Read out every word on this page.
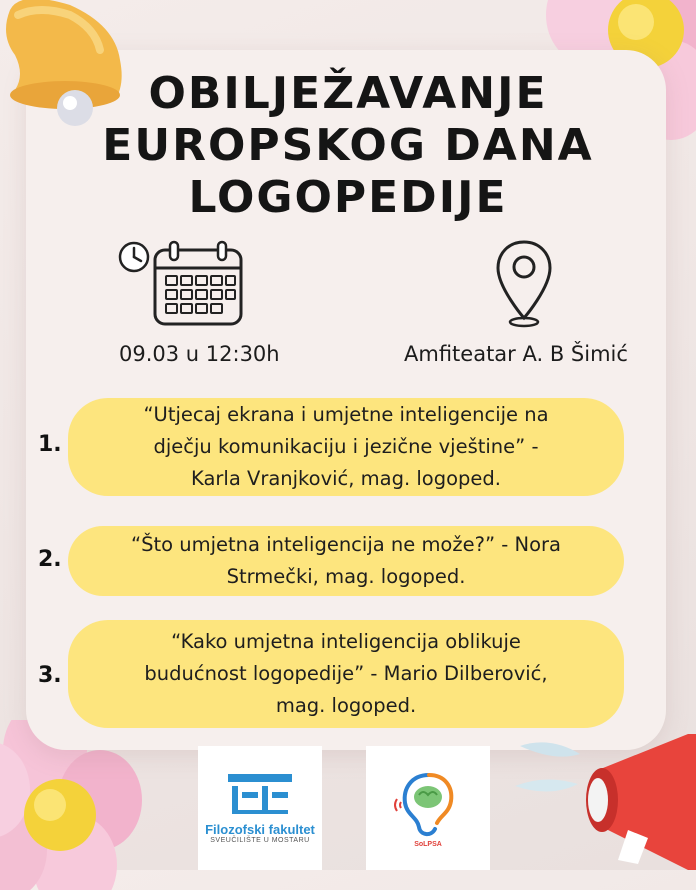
OBILJEŽAVANJE
EUROPSKOG DANA
LOGOPEDIJE
09.03 u 12:30h	Amfiteatar A. B Šimić
1.
“Utjecaj ekrana i umjetne inteligencije na
dječju komunikaciju i jezične vještine” -
Karla Vranjković, mag. logoped.
2.
“Što umjetna inteligencija ne može?” - Nora
Strmečki, mag. logoped.
3.
“Kako umjetna inteligencija oblikuje
budućnost logopedije” - Mario Dilberović,
mag. logoped.
Filozofski fakultet
SVEUČILIŠTE U MOSTARU	SoLPSA
